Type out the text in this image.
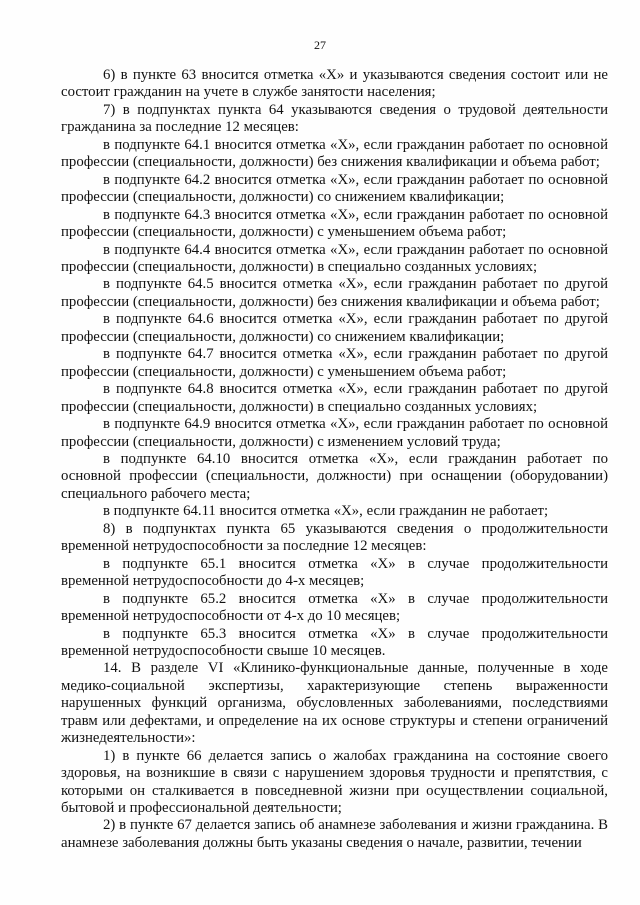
27

6) в пункте 63 вносится отметка «Х» и указываются сведения состоит или не состоит гражданин на учете в службе занятости населения;

7) в подпунктах пункта 64 указываются сведения о трудовой деятельности гражданина за последние 12 месяцев:

в подпункте 64.1 вносится отметка «Х», если гражданин работает по основной профессии (специальности, должности) без снижения квалификации и объема работ;

в подпункте 64.2 вносится отметка «Х», если гражданин работает по основной профессии (специальности, должности) со снижением квалификации;

в подпункте 64.3 вносится отметка «Х», если гражданин работает по основной профессии (специальности, должности) с уменьшением объема работ;

в подпункте 64.4 вносится отметка «Х», если гражданин работает по основной профессии (специальности, должности) в специально созданных условиях;

в подпункте 64.5 вносится отметка «Х», если гражданин работает по другой профессии (специальности, должности) без снижения квалификации и объема работ;

в подпункте 64.6 вносится отметка «Х», если гражданин работает по другой профессии (специальности, должности) со снижением квалификации;

в подпункте 64.7 вносится отметка «Х», если гражданин работает по другой профессии (специальности, должности) с уменьшением объема работ;

в подпункте 64.8 вносится отметка «Х», если гражданин работает по другой профессии (специальности, должности) в специально созданных условиях;

в подпункте 64.9 вносится отметка «Х», если гражданин работает по основной профессии (специальности, должности) с изменением условий труда;

в подпункте 64.10 вносится отметка «Х», если гражданин работает по основной профессии (специальности, должности) при оснащении (оборудовании) специального рабочего места;

в подпункте 64.11 вносится отметка «Х», если гражданин не работает;

8) в подпунктах пункта 65 указываются сведения о продолжительности временной нетрудоспособности за последние 12 месяцев:

в подпункте 65.1 вносится отметка «Х» в случае продолжительности временной нетрудоспособности до 4-х месяцев;

в подпункте 65.2 вносится отметка «Х» в случае продолжительности временной нетрудоспособности от 4-х до 10 месяцев;

в подпункте 65.3 вносится отметка «Х» в случае продолжительности временной нетрудоспособности свыше 10 месяцев.

14. В разделе VI «Клинико-функциональные данные, полученные в ходе медико-социальной экспертизы, характеризующие степень выраженности нарушенных функций организма, обусловленных заболеваниями, последствиями травм или дефектами, и определение на их основе структуры и степени ограничений жизнедеятельности»:

1) в пункте 66 делается запись о жалобах гражданина на состояние своего здоровья, на возникшие в связи с нарушением здоровья трудности и препятствия, с которыми он сталкивается в повседневной жизни при осуществлении социальной, бытовой и профессиональной деятельности;

2) в пункте 67 делается запись об анамнезе заболевания и жизни гражданина. В анамнезе заболевания должны быть указаны сведения о начале, развитии, течении
